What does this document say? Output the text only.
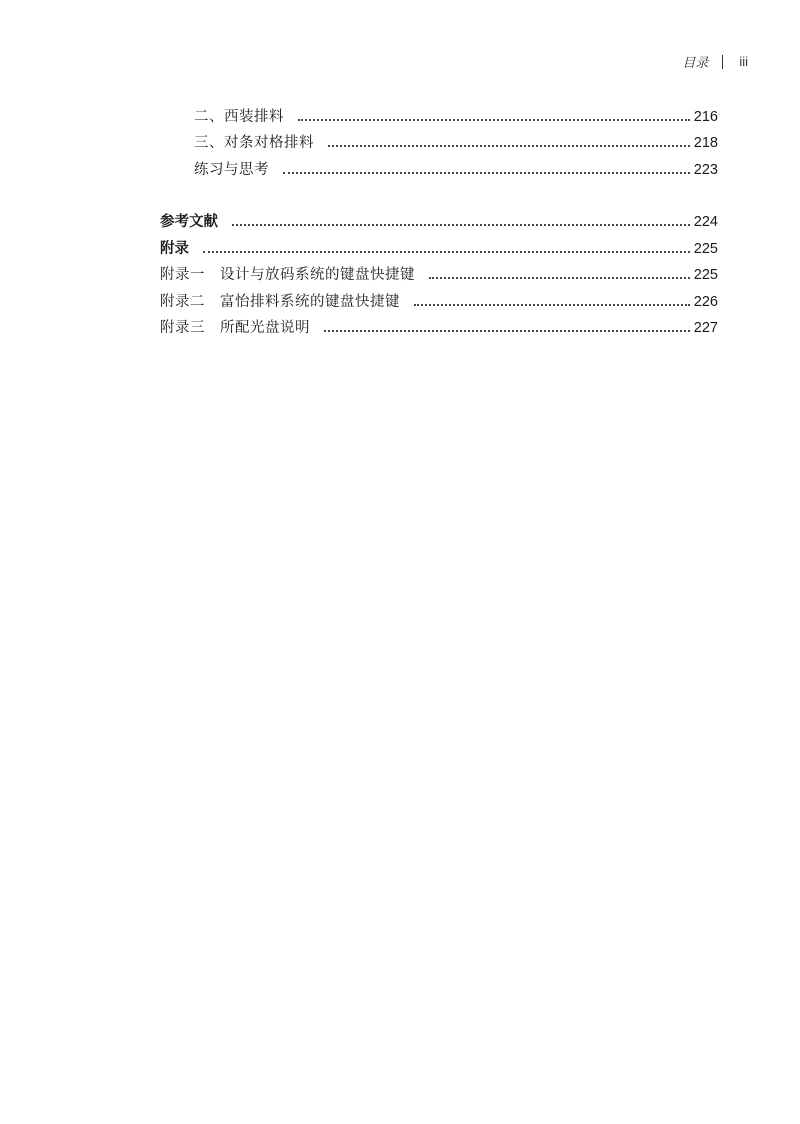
目录 iii
二、西装排料	216
三、对条对格排料	218
练习与思考	223
参考文献	224
附录	225
附录一　设计与放码系统的键盘快捷键	225
附录二　富怡排料系统的键盘快捷键	226
附录三　所配光盘说明	227
